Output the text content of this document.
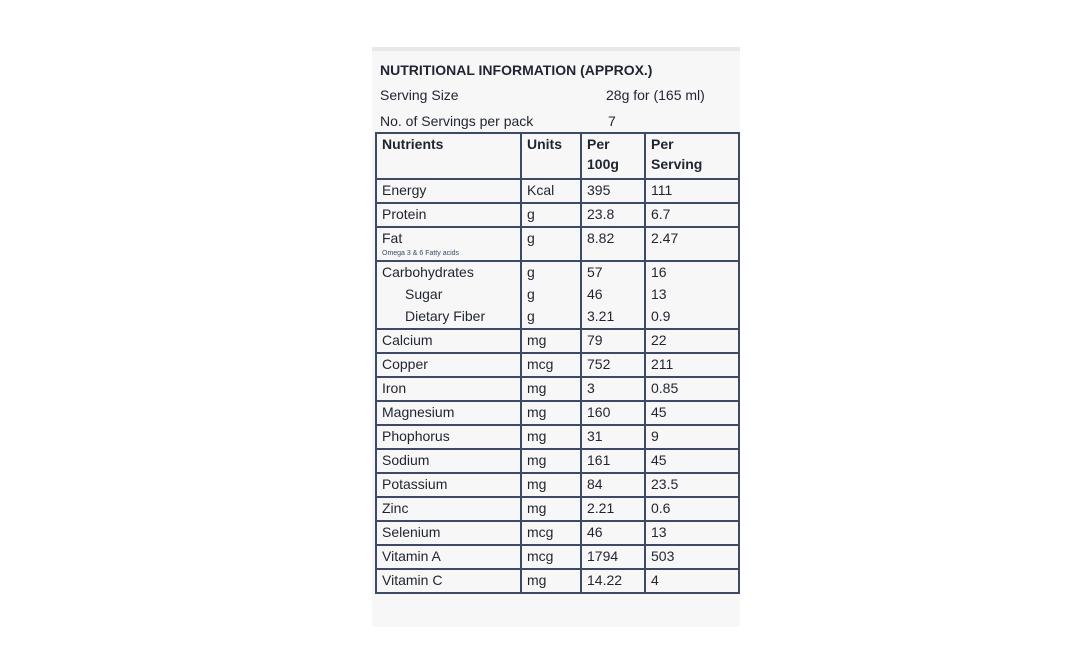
NUTRITIONAL INFORMATION (APPROX.)
Serving Size	28g for (165 ml)
No. of Servings per pack	7
Nutrients	Units	Per 100g	Per Serving

Energy	Kcal	395	111
Protein	g	23.8	6.7
Fat
Omega 3 & 6 Fatty acids	g	8.82	2.47
Carbohydrates	g	57	16
Sugar	g	46	13
Dietary Fiber	g	3.21	0.9
Calcium	mg	79	22
Copper	mcg	752	211
Iron	mg	3	0.85
Magnesium	mg	160	45
Phophorus	mg	31	9
Sodium	mg	161	45
Potassium	mg	84	23.5
Zinc	mg	2.21	0.6
Selenium	mcg	46	13
Vitamin A	mcg	1794	503
Vitamin C	mg	14.22	4
